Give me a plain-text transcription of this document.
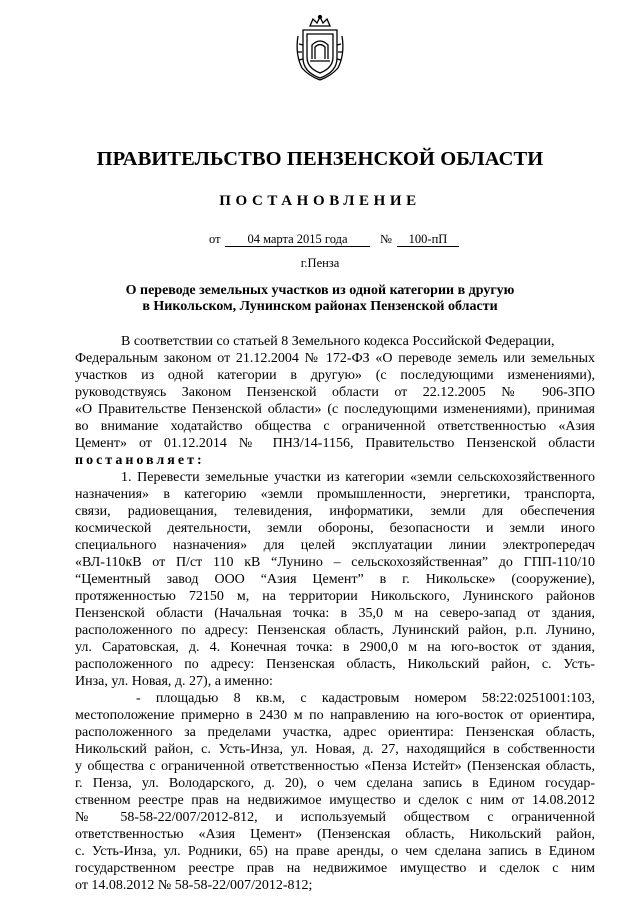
ПРАВИТЕЛЬСТВО ПЕНЗЕНСКОЙ ОБЛАСТИ
ПОСТАНОВЛЕНИЕ
от	04 марта 2015 года	№	100-пП
г.Пенза
О переводе земельных участков из одной категории в другую
в Никольском, Лунинском районах Пензенской области
В соответствии со статьей 8 Земельного кодекса Российской Федерации,
Федеральным законом от 21.12.2004 № 172-ФЗ «О переводе земель или земельных
участков из одной категории в другую» (с последующими изменениями),
руководствуясь Законом Пензенской области от 22.12.2005 № 906-ЗПО
«О Правительстве Пензенской области» (с последующими изменениями), принимая
во внимание ходатайство общества с ограниченной ответственностью «Азия
Цемент» от 01.12.2014 № ПНЗ/14-1156, Правительство Пензенской области
постановляет:
1. Перевести земельные участки из категории «земли сельскохозяйственного
назначения» в категорию «земли промышленности, энергетики, транспорта,
связи, радиовещания, телевидения, информатики, земли для обеспечения
космической деятельности, земли обороны, безопасности и земли иного
специального назначения» для целей эксплуатации линии электропередач
«ВЛ-110кВ от П/ст 110 кВ “Лунино – сельскохозяйственная” до ГПП-110/10
“Цементный завод ООО “Азия Цемент” в г. Никольске» (сооружение),
протяженностью 72150 м, на территории Никольского, Лунинского районов
Пензенской области (Начальная точка: в 35,0 м на северо-запад от здания,
расположенного по адресу: Пензенская область, Лунинский район, р.п. Лунино,
ул. Саратовская, д. 4. Конечная точка: в 2900,0 м на юго-восток от здания,
расположенного по адресу: Пензенская область, Никольский район, с. Усть-
Инза, ул. Новая, д. 27), а именно:
- площадью 8 кв.м, с кадастровым номером 58:22:0251001:103,
местоположение примерно в 2430 м по направлению на юго-восток от ориентира,
расположенного за пределами участка, адрес ориентира: Пензенская область,
Никольский район, с. Усть-Инза, ул. Новая, д. 27, находящийся в собственности
у общества с ограниченной ответственностью «Пенза Истейт» (Пензенская область,
г. Пенза, ул. Володарского, д. 20), о чем сделана запись в Едином государ-
ственном реестре прав на недвижимое имущество и сделок с ним от 14.08.2012
№ 58-58-22/007/2012-812, и используемый обществом с ограниченной
ответственностью «Азия Цемент» (Пензенская область, Никольский район,
с. Усть-Инза, ул. Родники, 65) на праве аренды, о чем сделана запись в Едином
государственном реестре прав на недвижимое имущество и сделок с ним
от 14.08.2012 № 58-58-22/007/2012-812;
